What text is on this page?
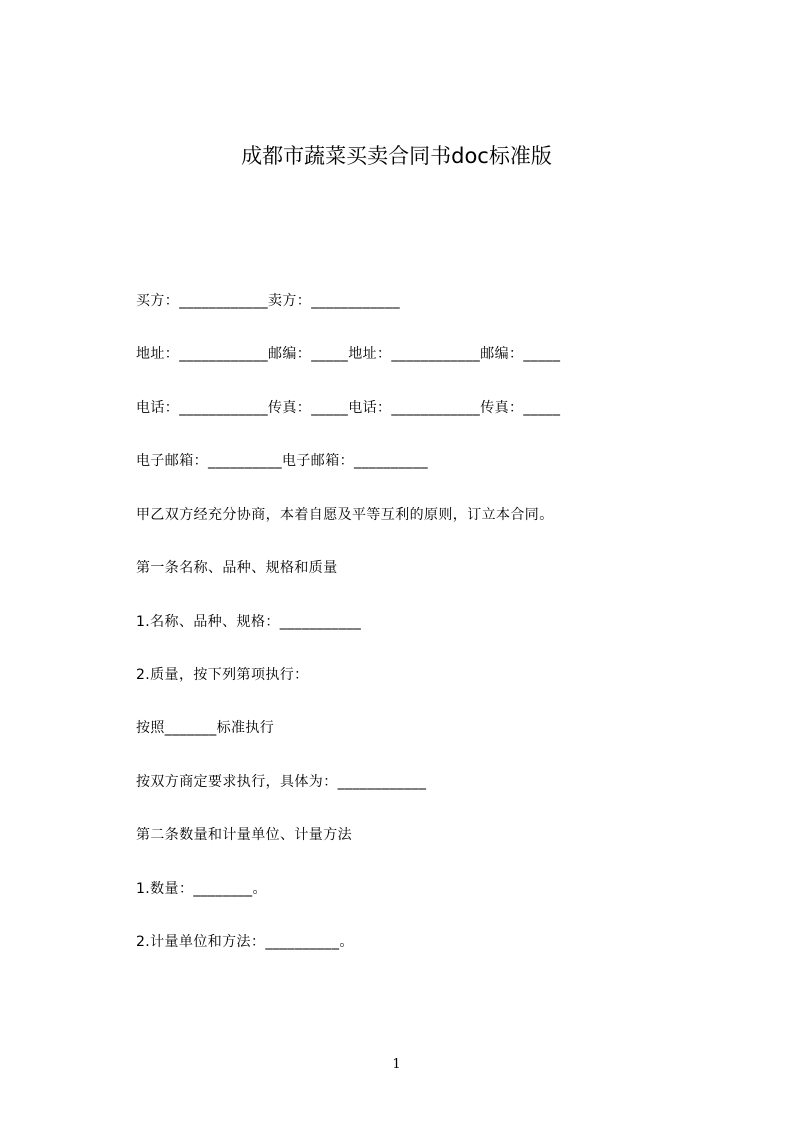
成都市蔬菜买卖合同书doc标准版
买方：____________卖方：____________
地址：____________邮编：_____地址：____________邮编：_____
电话：____________传真：_____电话：____________传真：_____
电子邮箱：__________电子邮箱：__________
甲乙双方经充分协商，本着自愿及平等互利的原则，订立本合同。
第一条名称、品种、规格和质量
1.名称、品种、规格：___________
2.质量，按下列第项执行：
按照_______标准执行
按双方商定要求执行，具体为：____________
第二条数量和计量单位、计量方法
1.数量：________。
2.计量单位和方法：__________。
1
